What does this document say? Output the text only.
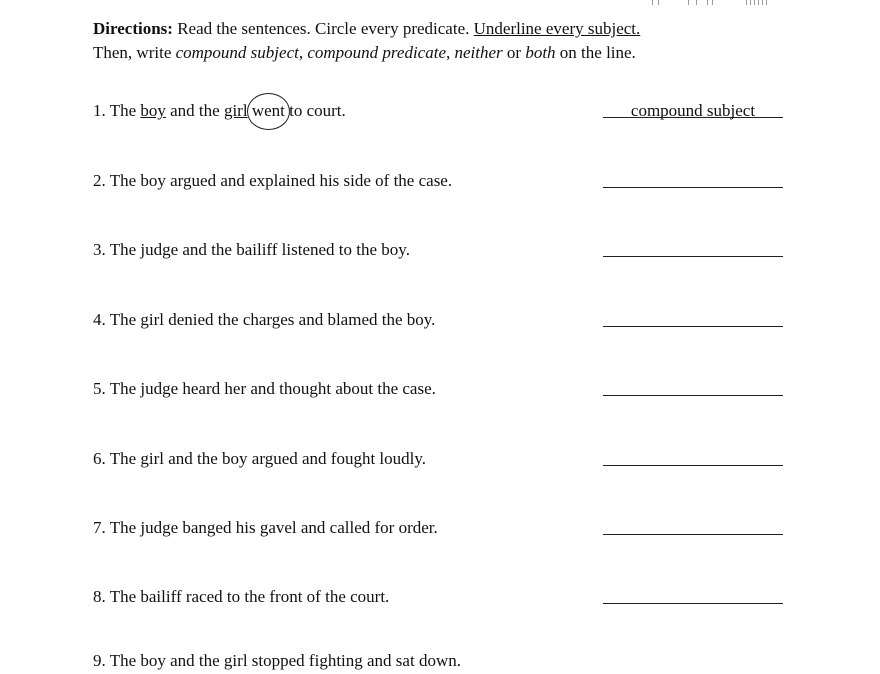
Directions: Read the sentences. Circle every predicate. Underline every subject.
Then, write compound subject, compound predicate, neither or both on the line.
1. The boy and the girl went
to court.	compound subject
2. The boy argued and explained his side of the case.
3. The judge and the bailiff listened to the boy.
4. The girl denied the charges and blamed the boy.
5. The judge heard her and thought about the case.
6. The girl and the boy argued and fought loudly.
7. The judge banged his gavel and called for order.
8. The bailiff raced to the front of the court.
9. The boy and the girl stopped fighting and sat down.
